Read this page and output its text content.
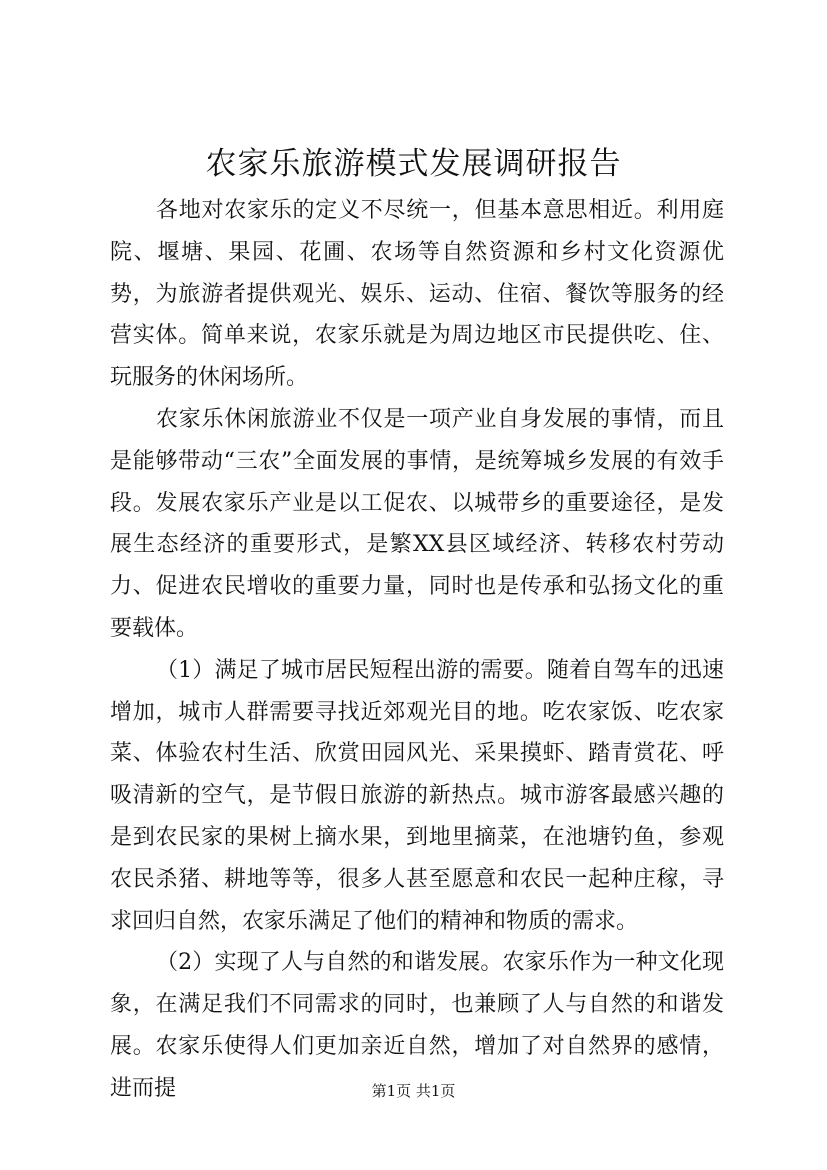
农家乐旅游模式发展调研报告

各地对农家乐的定义不尽统一，但基本意思相近。利用庭院、堰塘、果园、花圃、农场等自然资源和乡村文化资源优势，为旅游者提供观光、娱乐、运动、住宿、餐饮等服务的经营实体。简单来说，农家乐就是为周边地区市民提供吃、住、玩服务的休闲场所。

农家乐休闲旅游业不仅是一项产业自身发展的事情，而且是能够带动“三农”全面发展的事情，是统筹城乡发展的有效手段。发展农家乐产业是以工促农、以城带乡的重要途径，是发展生态经济的重要形式，是繁XX县区域经济、转移农村劳动力、促进农民增收的重要力量，同时也是传承和弘扬文化的重要载体。

（1）满足了城市居民短程出游的需要。随着自驾车的迅速增加，城市人群需要寻找近郊观光目的地。吃农家饭、吃农家菜、体验农村生活、欣赏田园风光、采果摸虾、踏青赏花、呼吸清新的空气，是节假日旅游的新热点。城市游客最感兴趣的是到农民家的果树上摘水果，到地里摘菜，在池塘钓鱼，参观农民杀猪、耕地等等，很多人甚至愿意和农民一起种庄稼，寻求回归自然，农家乐满足了他们的精神和物质的需求。

（2）实现了人与自然的和谐发展。农家乐作为一种文化现象，在满足我们不同需求的同时，也兼顾了人与自然的和谐发展。农家乐使得人们更加亲近自然，增加了对自然界的感情，进而提	第1页 共1页
